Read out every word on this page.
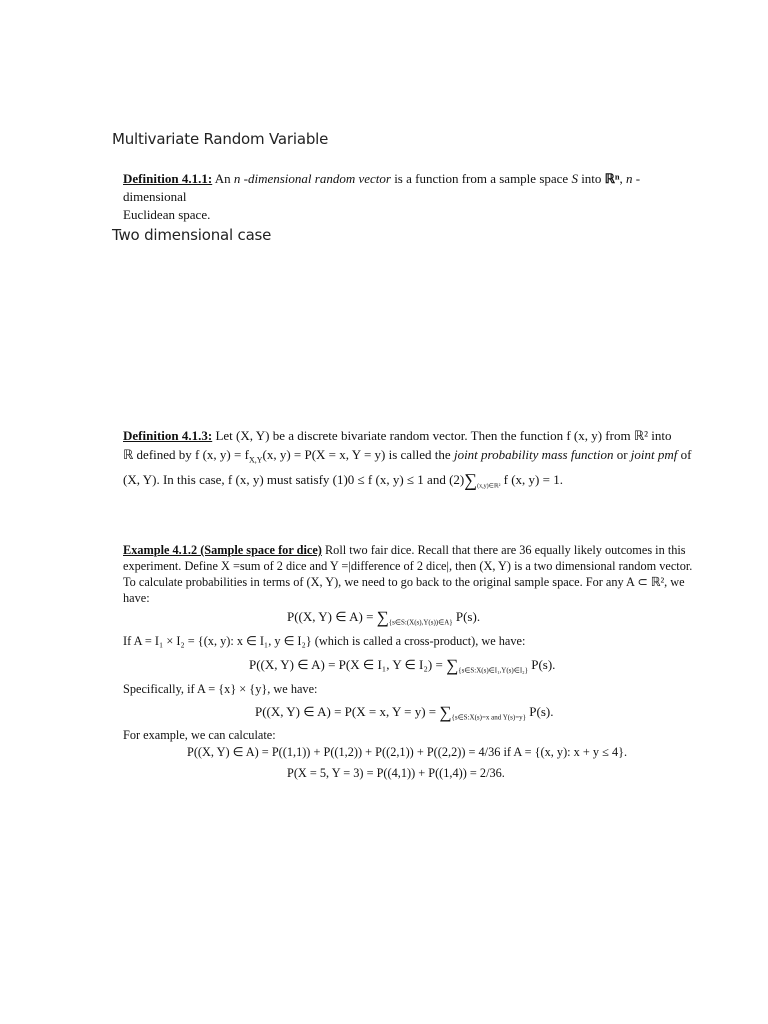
Multivariate Random Variable
Definition 4.1.1: An n -dimensional random vector is a function from a sample space S into ℝⁿ, n -dimensional
Euclidean space.
Two dimensional case
Definition 4.1.3: Let (X, Y) be a discrete bivariate random vector. Then the function f (x, y) from ℝ² into
ℝ defined by f (x, $y) = f_{X,Y}(x$, y) = P(X = x, Y = y) is called the joint probability mass function or joint pmf of
(X, Y). In this case, f (x, y) must satisfy (1)0 ≤ f (x, y) ≤ 1 and $(2)\sum_{(x,y)\in ℝ^2}$ f (x, y) = 1.
Example 4.1.2 (Sample space for dice) Roll two fair dice. Recall that there are 36 equally likely outcomes in this
experiment. Define X =sum of 2 dice and Y =|difference of 2 dice|, then (X, Y) is a two dimensional random vector.
To calculate probabilities in terms of (X, Y), we need to go back to the original sample space. For any A ⊂ ℝ², we
have:
P((X, Y) ∈ $A) = \sum_{\{s\in S:(X(s),Y(s))\in A\}}$ P(s).
If A = I₁ × I₂ = {(x, y): x ∈ I₁, y ∈ I₂} (which is called a cross-product), we have:
P((X, Y) ∈ A) = P(X ∈ I₁, Y ∈ $I_2) = \sum_{\{s\in S:X(s)\in I_1,Y(s)\in I_2\}}$ P(s).
Specifically, if A = {x} × {y}, we have:
P((X, Y) ∈ A) = P(X = x, $Y = y) = \sum_{\{s\in S:X(s)=x and Y(s)=y\}}$ P(s).
For example, we can calculate:
P((X, Y) ∈ A) = P((1,1)) + P((1,2)) + P((2,1)) + P((2,2)) = 4/36 if A = {(x, y): x + y ≤ 4}.
P(X = 5, Y = 3) = P((4,1)) + P((1,4)) = 2/36.
